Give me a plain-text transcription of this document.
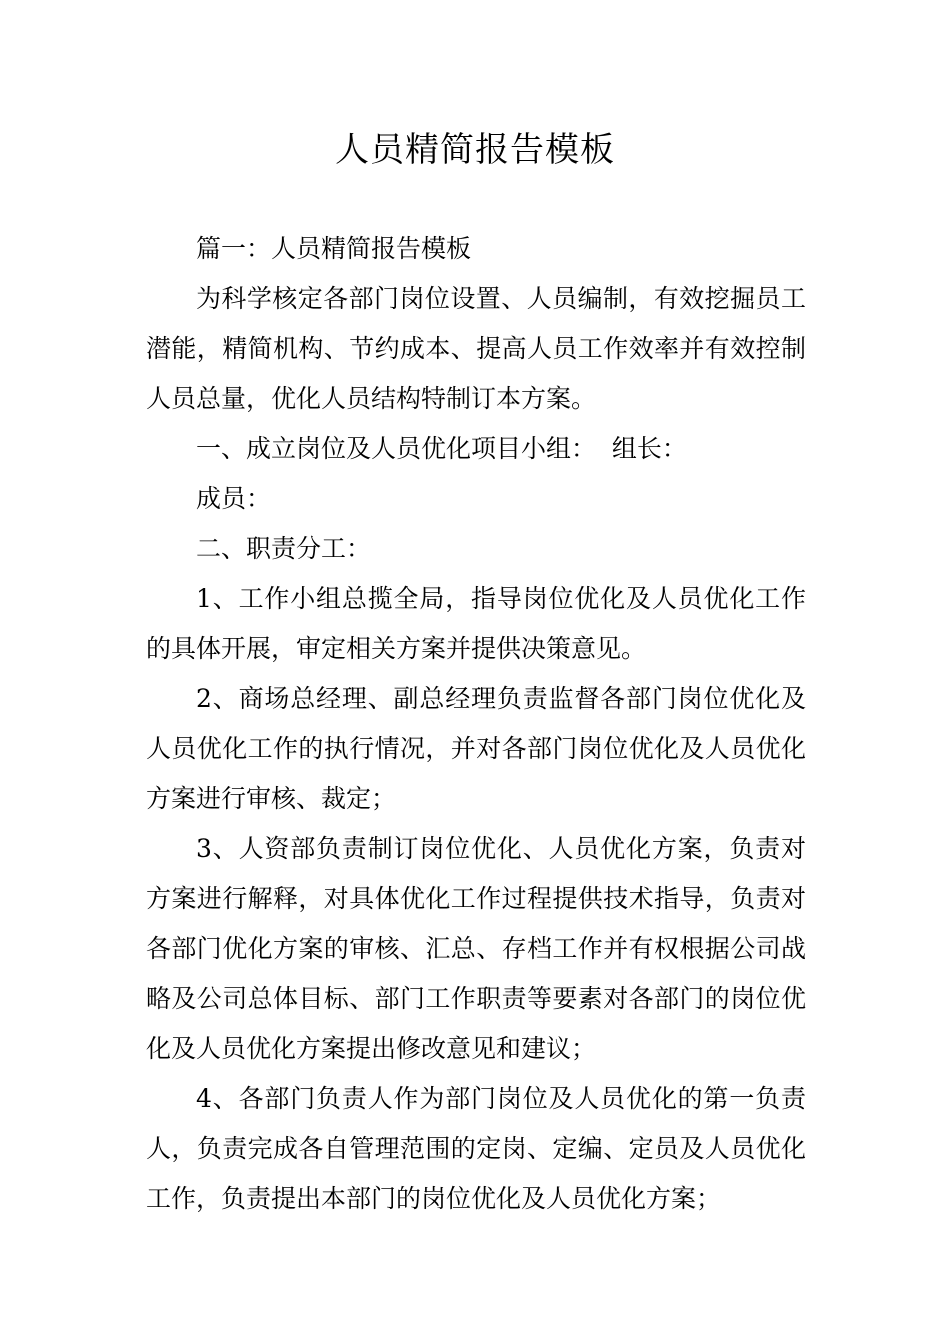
人员精简报告模板

篇一：人员精简报告模板

为科学核定各部门岗位设置、人员编制，有效挖掘员工潜能，精简机构、节约成本、提高人员工作效率并有效控制人员总量，优化人员结构特制订本方案。

一、成立岗位及人员优化项目小组：  组长：

成员：

二、职责分工：

1、工作小组总揽全局，指导岗位优化及人员优化工作的具体开展，审定相关方案并提供决策意见。

2、商场总经理、副总经理负责监督各部门岗位优化及人员优化工作的执行情况，并对各部门岗位优化及人员优化方案进行审核、裁定；

3、人资部负责制订岗位优化、人员优化方案，负责对方案进行解释，对具体优化工作过程提供技术指导，负责对各部门优化方案的审核、汇总、存档工作并有权根据公司战略及公司总体目标、部门工作职责等要素对各部门的岗位优化及人员优化方案提出修改意见和建议；

4、各部门负责人作为部门岗位及人员优化的第一负责人，负责完成各自管理范围的定岗、定编、定员及人员优化工作，负责提出本部门的岗位优化及人员优化方案；
